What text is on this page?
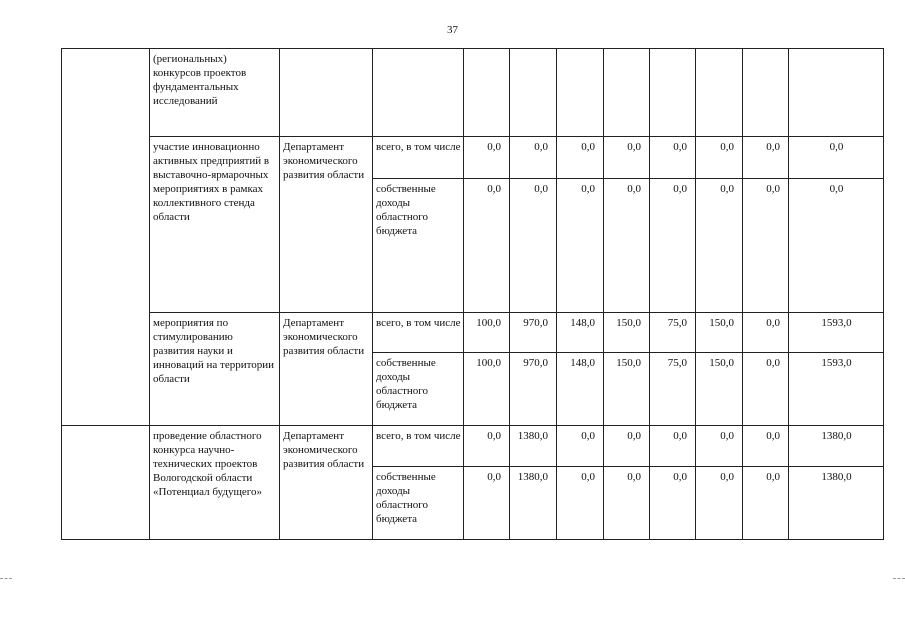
37
	(региональных) конкурсов проектов фундаментальных исследований										
	участие инновационно активных предприятий в выставочно-ярмарочных мероприятиях в рамках коллективного стенда области	Департамент экономического развития области	всего, в том числе	0,0	0,0	0,0	0,0	0,0	0,0	0,0	0,0
			собственные доходы областного бюджета	0,0	0,0	0,0	0,0	0,0	0,0	0,0	0,0
	мероприятия по стимулированию развития науки и инноваций на территории области	Департамент экономического развития области	всего, в том числе	100,0	970,0	148,0	150,0	75,0	150,0	0,0	1593,0
			собственные доходы областного бюджета	100,0	970,0	148,0	150,0	75,0	150,0	0,0	1593,0
	проведение областного конкурса научно-технических проектов Вологодской области «Потенциал будущего»	Департамент экономического развития области	всего, в том числе	0,0	1380,0	0,0	0,0	0,0	0,0	0,0	1380,0
			собственные доходы областного бюджета	0,0	1380,0	0,0	0,0	0,0	0,0	0,0	1380,0
